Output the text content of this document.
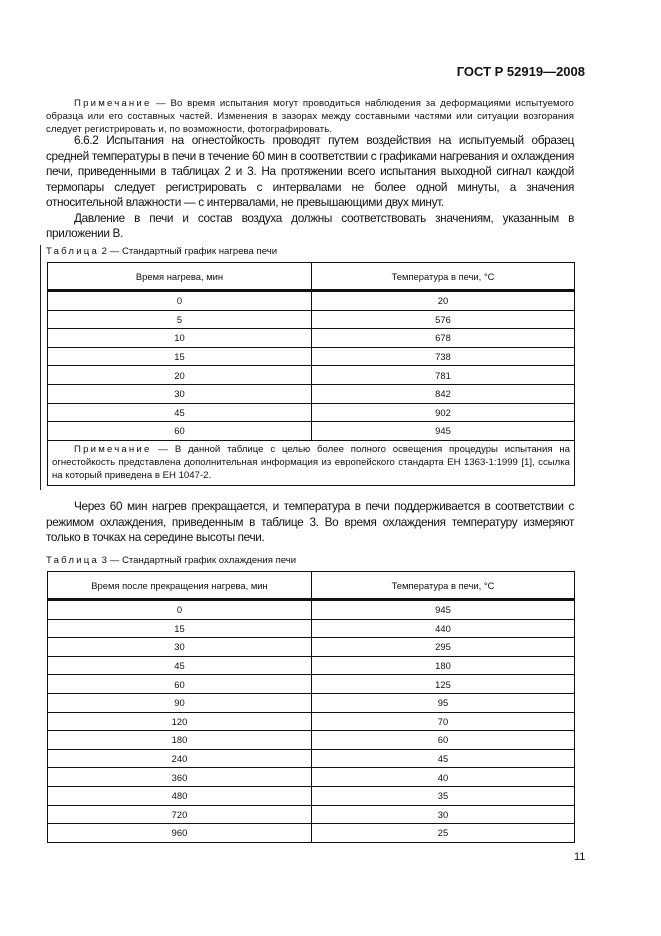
ГОСТ Р 52919—2008
Примечание — Во время испытания могут проводиться наблюдения за деформациями испытуемого образца или его составных частей. Изменения в зазорах между составными частями или ситуации возгорания следует регистрировать и, по возможности, фотографировать.

6.6.2 Испытания на огнестойкость проводят путем воздействия на испытуемый образец средней температуры в печи в течение 60 мин в соответствии с графиками нагревания и охлаждения печи, приведенными в таблицах 2 и 3. На протяжении всего испытания выходной сигнал каждой термопары следует регистрировать с интервалами не более одной минуты, а значения относительной влажности — с интервалами, не превышающими двух минут.

Давление в печи и состав воздуха должны соответствовать значениям, указанным в приложении В.

Таблица 2 — Стандартный график нагрева печи
Время нагрева, мин	Температура в печи, °С
0	20
5	576
10	678
15	738
20	781
30	842
45	902
60	945

Примечание — В данной таблице с целью более полного освещения процедуры испытания на огнестойкость представлена дополнительная информация из европейского стандарта ЕН 1363-1:1999 [1], ссылка на который приведена в ЕН 1047-2.	

Через 60 мин нагрев прекращается, и температура в печи поддерживается в соответствии с режимом охлаждения, приведенным в таблице 3. Во время охлаждения температуру измеряют только в точках на середине высоты печи.

Таблица 3 — Стандартный график охлаждения печи
Время после прекращения нагрева, мин	Температура в печи, °С
0	945
15	440
30	295
45	180
60	125
90	95
120	70
180	60
240	45
360	40
480	35
720	30
960	25
11
